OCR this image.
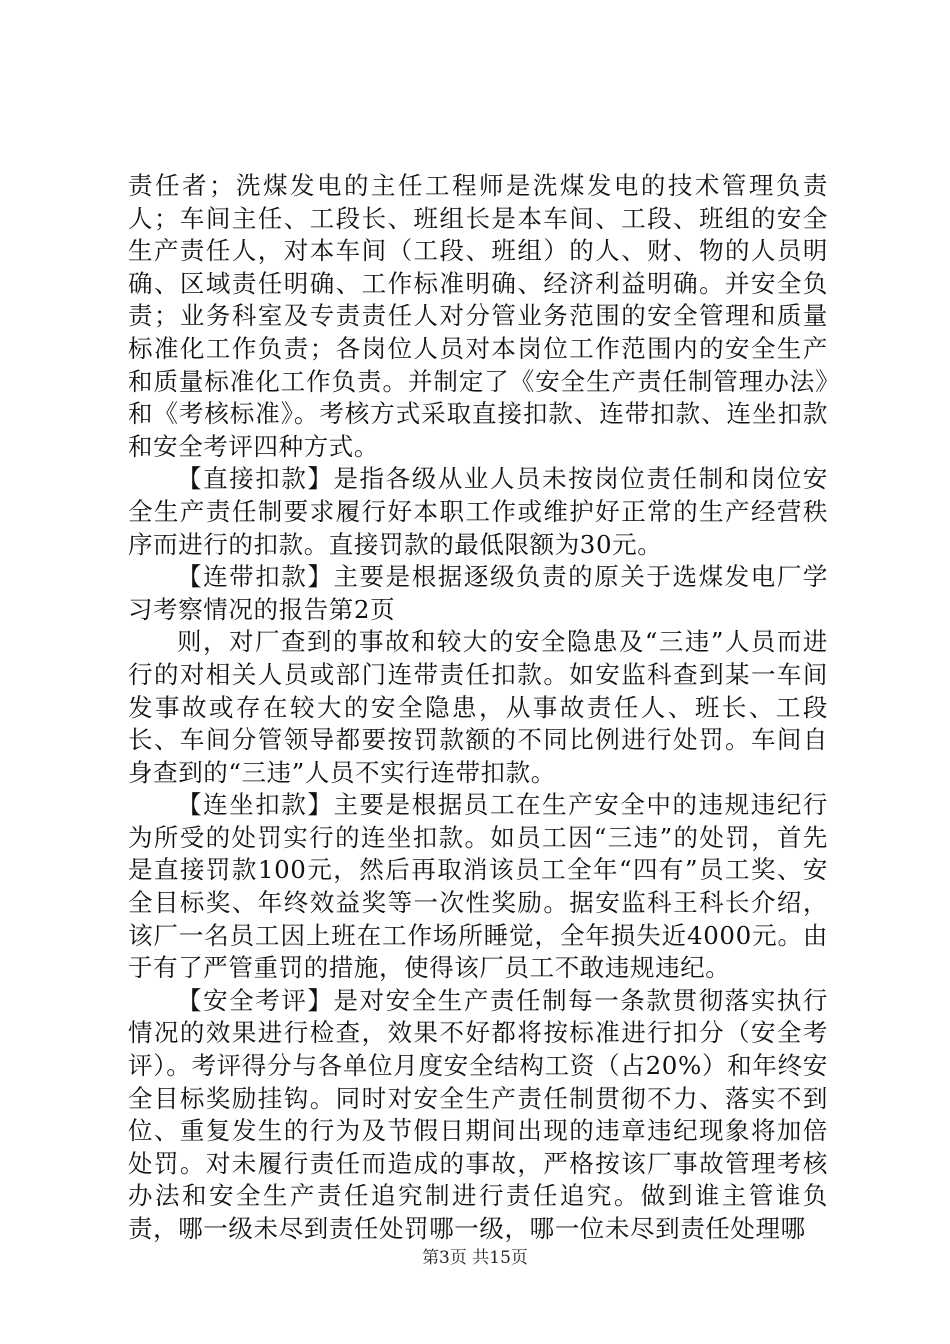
责任者；洗煤发电的主任工程师是洗煤发电的技术管理负责人；车间主任、工段长、班组长是本车间、工段、班组的安全生产责任人，对本车间（工段、班组）的人、财、物的人员明确、区域责任明确、工作标准明确、经济利益明确。并安全负责；业务科室及专责责任人对分管业务范围的安全管理和质量标准化工作负责；各岗位人员对本岗位工作范围内的安全生产和质量标准化工作负责。并制定了《安全生产责任制管理办法》和《考核标准》。考核方式采取直接扣款、连带扣款、连坐扣款和安全考评四种方式。

【直接扣款】是指各级从业人员未按岗位责任制和岗位安全生产责任制要求履行好本职工作或维护好正常的生产经营秩序而进行的扣款。直接罚款的最低限额为30元。

【连带扣款】主要是根据逐级负责的原关于选煤发电厂学习考察情况的报告第2页

则，对厂查到的事故和较大的安全隐患及“三违”人员而进行的对相关人员或部门连带责任扣款。如安监科查到某一车间发事故或存在较大的安全隐患，从事故责任人、班长、工段长、车间分管领导都要按罚款额的不同比例进行处罚。车间自身查到的“三违”人员不实行连带扣款。

【连坐扣款】主要是根据员工在生产安全中的违规违纪行为所受的处罚实行的连坐扣款。如员工因“三违”的处罚，首先是直接罚款100元，然后再取消该员工全年“四有”员工奖、安全目标奖、年终效益奖等一次性奖励。据安监科王科长介绍，该厂一名员工因上班在工作场所睡觉，全年损失近4000元。由于有了严管重罚的措施，使得该厂员工不敢违规违纪。

【安全考评】是对安全生产责任制每一条款贯彻落实执行情况的效果进行检查，效果不好都将按标准进行扣分（安全考评）。考评得分与各单位月度安全结构工资（占20%）和年终安全目标奖励挂钩。同时对安全生产责任制贯彻不力、落实不到位、重复发生的行为及节假日期间出现的违章违纪现象将加倍处罚。对未履行责任而造成的事故，严格按该厂事故管理考核办法和安全生产责任追究制进行责任追究。做到谁主管谁负责，哪一级未尽到责任处罚哪一级，哪一位未尽到责任处理哪

第3页 共15页
